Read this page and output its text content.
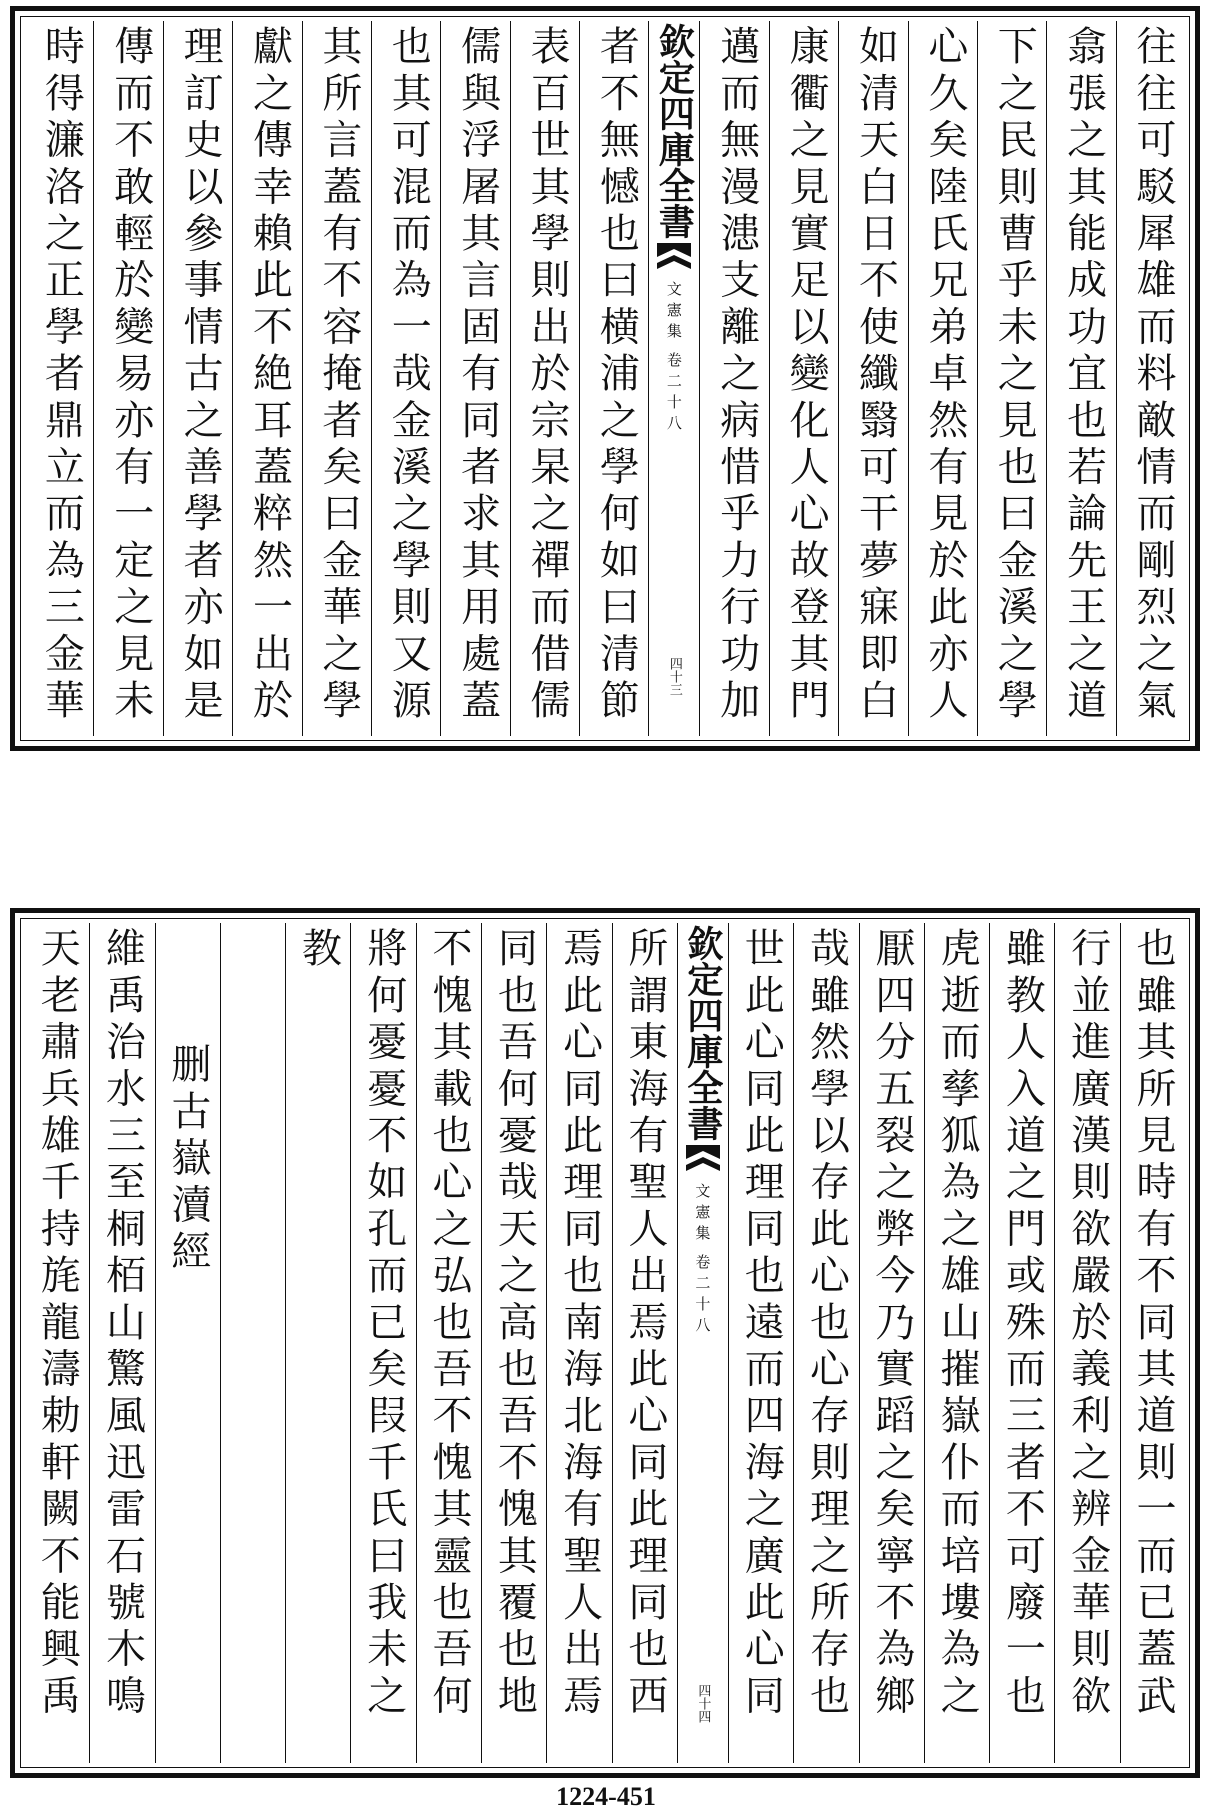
往往可駁犀雄而料敵情而剛烈之氣
翕張之其能成功宜也若論先王之道
下之民則曹乎未之見也曰金溪之學
心久矣陸氏兄弟卓然有見於此亦人
如清天白日不使纖翳可干夢寐即白
康衢之見實足以變化人心故登其門
邁而無漫漶支離之病惜乎力行功加
欽定四庫全書
文憲集
卷二十八
四十三
者不無憾也曰横浦之學何如曰清節
表百世其學則出於宗杲之禪而借儒
儒與浮屠其言固有同者求其用處蓋
也其可混而為一哉金溪之學則又源
其所言蓋有不容掩者矣曰金華之學
獻之傳幸賴此不絶耳蓋粹然一出於
理訂史以參事情古之善學者亦如是
傳而不敢輕於變易亦有一定之見未
時得濂洛之正學者鼎立而為三金華
也雖其所見時有不同其道則一而已蓋武
行並進廣漢則欲嚴於義利之辨金華則欲
雖教人入道之門或殊而三者不可廢一也
虎逝而孳狐為之雄山摧嶽仆而培塿為之
厭四分五裂之弊今乃實蹈之矣寧不為鄉
哉雖然學以存此心也心存則理之所存也
世此心同此理同也遠而四海之廣此心同
欽定四庫全書
文憲集
卷二十八
四十四
所謂東海有聖人出焉此心同此理同也西
焉此心同此理同也南海北海有聖人出焉
同也吾何憂哉天之高也吾不愧其覆也地
不愧其載也心之弘也吾不愧其靈也吾何
將何憂憂不如孔而已矣叚千氏曰我未之
教
删古嶽瀆經
維禹治水三至桐栢山驚風迅雷石號木鳴
天老肅兵雄千持旄龍濤勅軒闕不能興禹
1224-451
